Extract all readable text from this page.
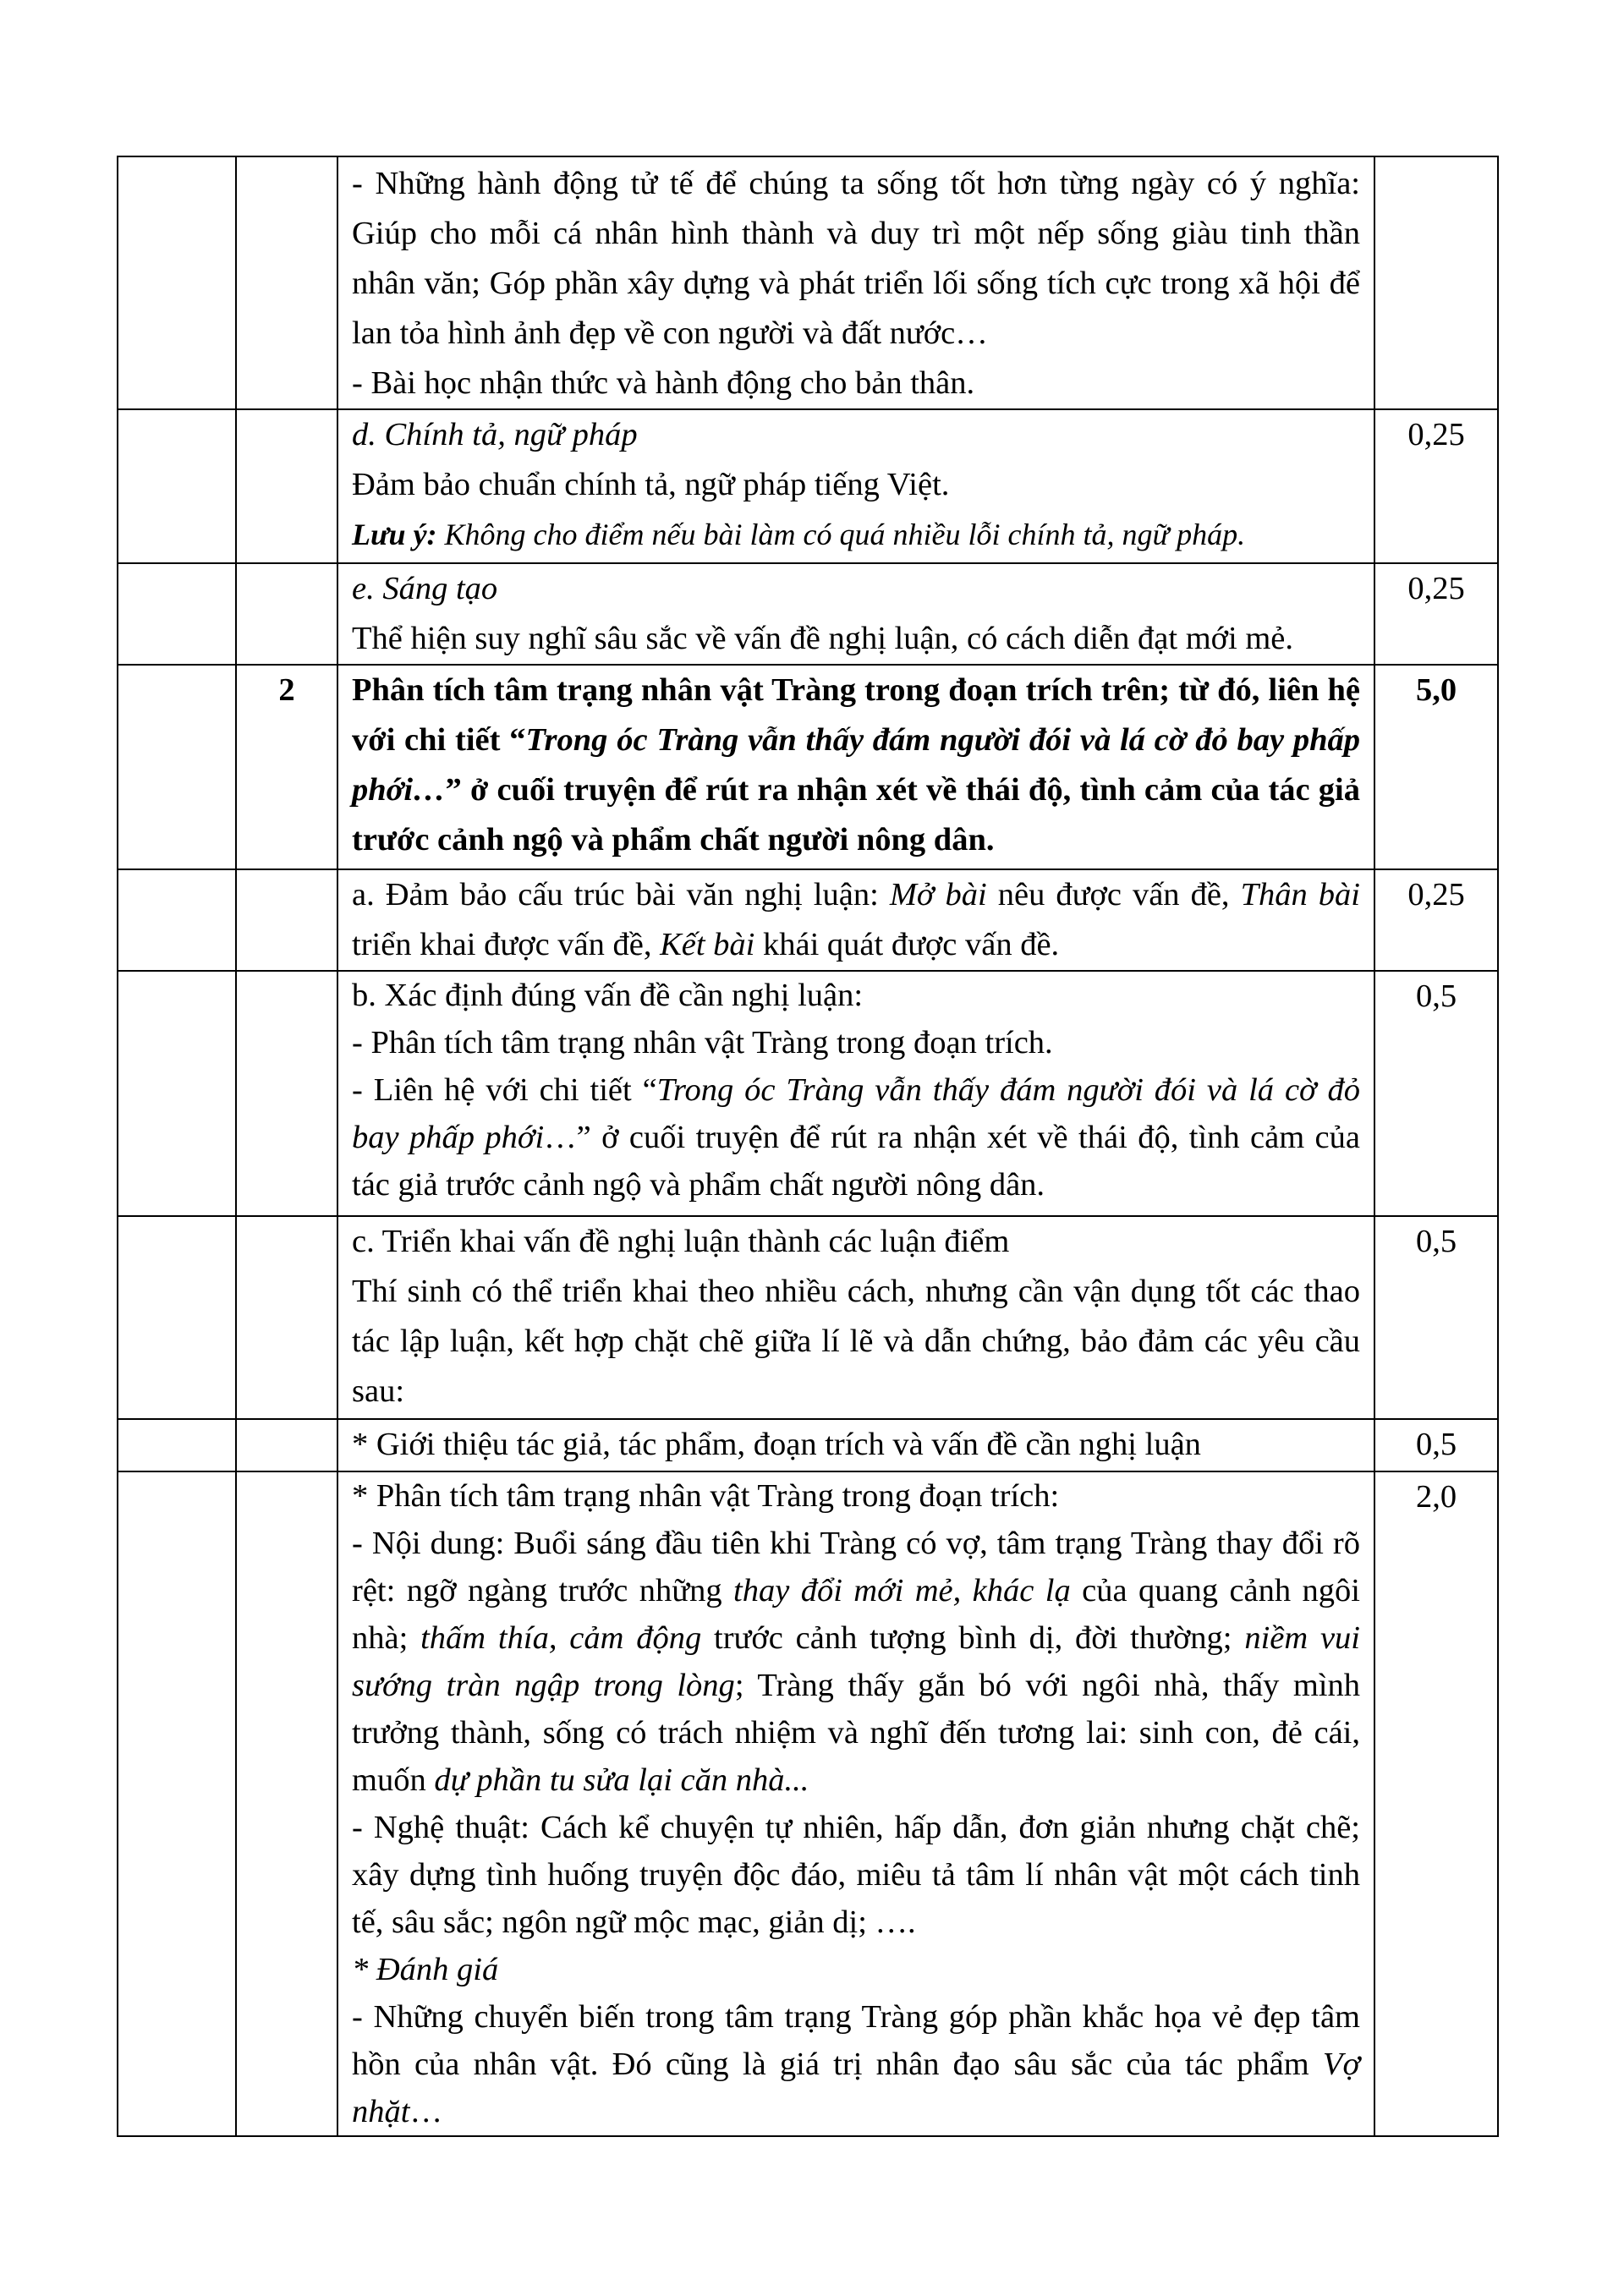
		- Những hành động tử tế để chúng ta sống tốt hơn từng ngày có ý nghĩa: Giúp cho mỗi cá nhân hình thành và duy trì một nếp sống giàu tinh thần nhân văn; Góp phần xây dựng và phát triển lối sống tích cực trong xã hội để lan tỏa hình ảnh đẹp về con người và đất nước…
- Bài học nhận thức và hành động cho bản thân.	

		d. Chính tả, ngữ pháp
Đảm bảo chuẩn chính tả, ngữ pháp tiếng Việt.
Lưu ý: Không cho điểm nếu bài làm có quá nhiều lỗi chính tả, ngữ pháp.	0,25

		e. Sáng tạo
Thể hiện suy nghĩ sâu sắc về vấn đề nghị luận, có cách diễn đạt mới mẻ.	0,25
	2	Phân tích tâm trạng nhân vật Tràng trong đoạn trích trên; từ đó, liên hệ với chi tiết “Trong óc Tràng vẫn thấy đám người đói và lá cờ đỏ bay phấp phới…” ở cuối truyện để rút ra nhận xét về thái độ, tình cảm của tác giả trước cảnh ngộ và phẩm chất người nông dân.	5,0
		a. Đảm bảo cấu trúc bài văn nghị luận: Mở bài nêu được vấn đề, Thân bài triển khai được vấn đề, Kết bài khái quát được vấn đề.	0,25

		b. Xác định đúng vấn đề cần nghị luận:
- Phân tích tâm trạng nhân vật Tràng trong đoạn trích.
- Liên hệ với chi tiết “Trong óc Tràng vẫn thấy đám người đói và lá cờ đỏ bay phấp phới…” ở cuối truyện để rút ra nhận xét về thái độ, tình cảm của tác giả trước cảnh ngộ và phẩm chất người nông dân.	0,5

		c. Triển khai vấn đề nghị luận thành các luận điểm
Thí sinh có thể triển khai theo nhiều cách, nhưng cần vận dụng tốt các thao tác lập luận, kết hợp chặt chẽ giữa lí lẽ và dẫn chứng, bảo đảm các yêu cầu sau:	0,5
		* Giới thiệu tác giả, tác phẩm, đoạn trích và vấn đề cần nghị luận	0,5

		* Phân tích tâm trạng nhân vật Tràng trong đoạn trích:
- Nội dung: Buổi sáng đầu tiên khi Tràng có vợ, tâm trạng Tràng thay đổi rõ rệt: ngỡ ngàng trước những thay đổi mới mẻ, khác lạ của quang cảnh ngôi nhà; thấm thía, cảm động trước cảnh tượng bình dị, đời thường; niềm vui sướng tràn ngập trong lòng; Tràng thấy gắn bó với ngôi nhà, thấy mình trưởng thành, sống có trách nhiệm và nghĩ đến tương lai: sinh con, đẻ cái, muốn dự phần tu sửa lại căn nhà...
- Nghệ thuật: Cách kể chuyện tự nhiên, hấp dẫn, đơn giản nhưng chặt chẽ; xây dựng tình huống truyện độc đáo, miêu tả tâm lí nhân vật một cách tinh tế, sâu sắc; ngôn ngữ mộc mạc, giản dị; ….
* Đánh giá
- Những chuyển biến trong tâm trạng Tràng góp phần khắc họa vẻ đẹp tâm hồn của nhân vật. Đó cũng là giá trị nhân đạo sâu sắc của tác phẩm Vợ nhặt…	2,0
